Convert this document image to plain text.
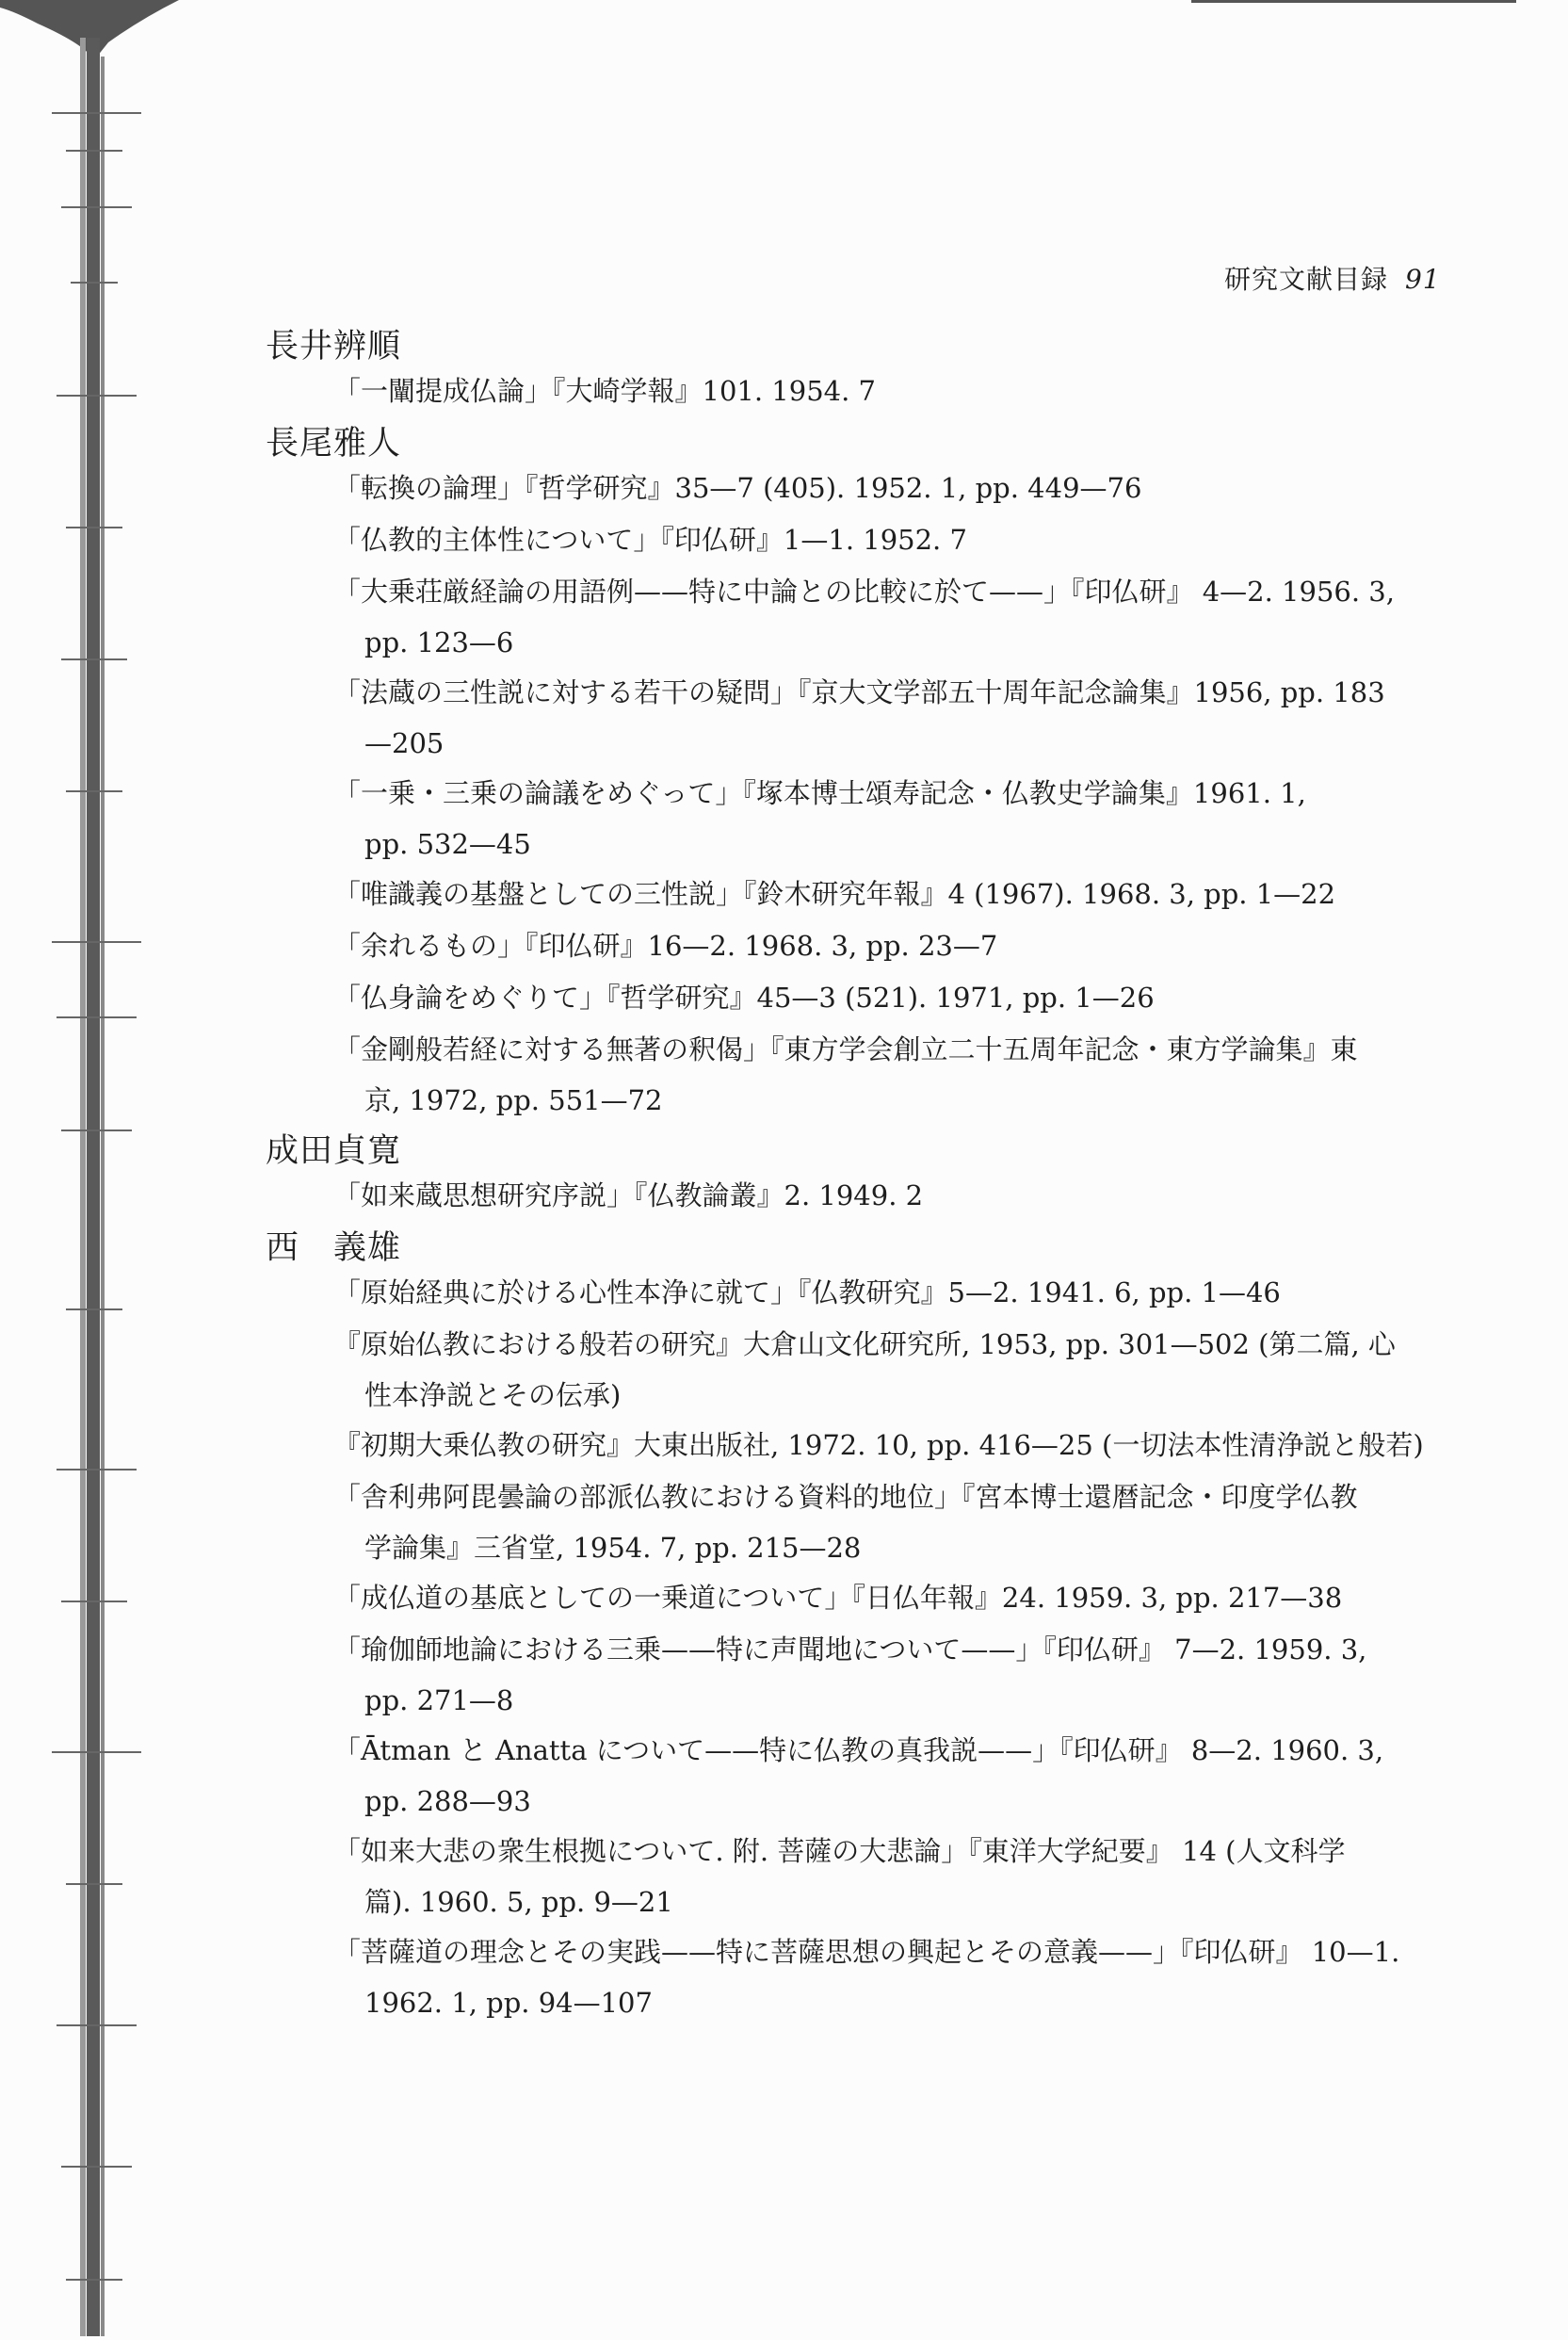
研究文献目録 91
長井辨順
「一闡提成仏論」『大崎学報』101. 1954. 7
長尾雅人
「転換の論理」『哲学研究』35—7 (405). 1952. 1, pp. 449—76
「仏教的主体性について」『印仏研』1—1. 1952. 7
「大乗荘厳経論の用語例——特に中論との比較に於て——」『印仏研』 4—2. 1956. 3,
pp. 123—6
「法蔵の三性説に対する若干の疑問」『京大文学部五十周年記念論集』1956, pp. 183
—205
「一乗・三乗の論議をめぐって」『塚本博士頌寿記念・仏教史学論集』1961. 1,
pp. 532—45
「唯識義の基盤としての三性説」『鈴木研究年報』4 (1967). 1968. 3, pp. 1—22
「余れるもの」『印仏研』16—2. 1968. 3, pp. 23—7
「仏身論をめぐりて」『哲学研究』45—3 (521). 1971, pp. 1—26
「金剛般若経に対する無著の釈偈」『東方学会創立二十五周年記念・東方学論集』東
京, 1972, pp. 551—72
成田貞寛
「如来蔵思想研究序説」『仏教論叢』2. 1949. 2
西　義雄
「原始経典に於ける心性本浄に就て」『仏教研究』5—2. 1941. 6, pp. 1—46
『原始仏教における般若の研究』大倉山文化研究所, 1953, pp. 301—502 (第二篇, 心
性本浄説とその伝承)
『初期大乗仏教の研究』大東出版社, 1972. 10, pp. 416—25 (一切法本性清浄説と般若)
「舎利弗阿毘曇論の部派仏教における資料的地位」『宮本博士還暦記念・印度学仏教
学論集』三省堂, 1954. 7, pp. 215—28
「成仏道の基底としての一乗道について」『日仏年報』24. 1959. 3, pp. 217—38
「瑜伽師地論における三乗——特に声聞地について——」『印仏研』 7—2. 1959. 3,
pp. 271—8
「Ātman と Anatta について——特に仏教の真我説——」『印仏研』 8—2. 1960. 3,
pp. 288—93
「如来大悲の衆生根拠について. 附. 菩薩の大悲論」『東洋大学紀要』 14 (人文科学
篇). 1960. 5, pp. 9—21
「菩薩道の理念とその実践——特に菩薩思想の興起とその意義——」『印仏研』 10—1.
1962. 1, pp. 94—107
